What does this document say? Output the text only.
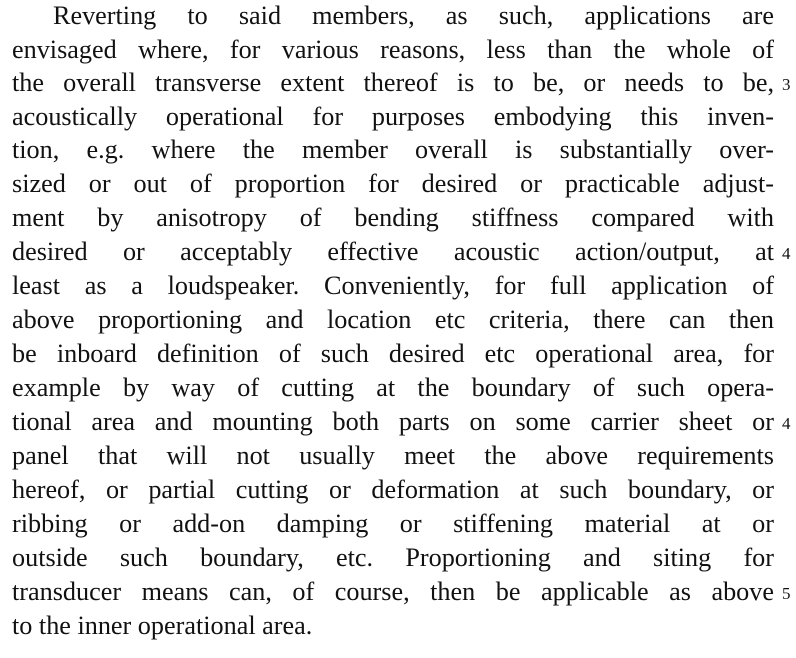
Reverting to said members, as such, applications are
envisaged where, for various reasons, less than the whole of
the overall transverse extent thereof is to be, or needs to be,
acoustically operational for purposes embodying this inven-
tion, e.g. where the member overall is substantially over-
sized or out of proportion for desired or practicable adjust-
ment by anisotropy of bending stiffness compared with
desired or acceptably effective acoustic action/output, at
least as a loudspeaker. Conveniently, for full application of
above proportioning and location etc criteria, there can then
be inboard definition of such desired etc operational area, for
example by way of cutting at the boundary of such opera-
tional area and mounting both parts on some carrier sheet or
panel that will not usually meet the above requirements
hereof, or partial cutting or deformation at such boundary, or
ribbing or add-on damping or stiffening material at or
outside such boundary, etc. Proportioning and siting for
transducer means can, of course, then be applicable as above
to the inner operational area.
3
4
4
5
